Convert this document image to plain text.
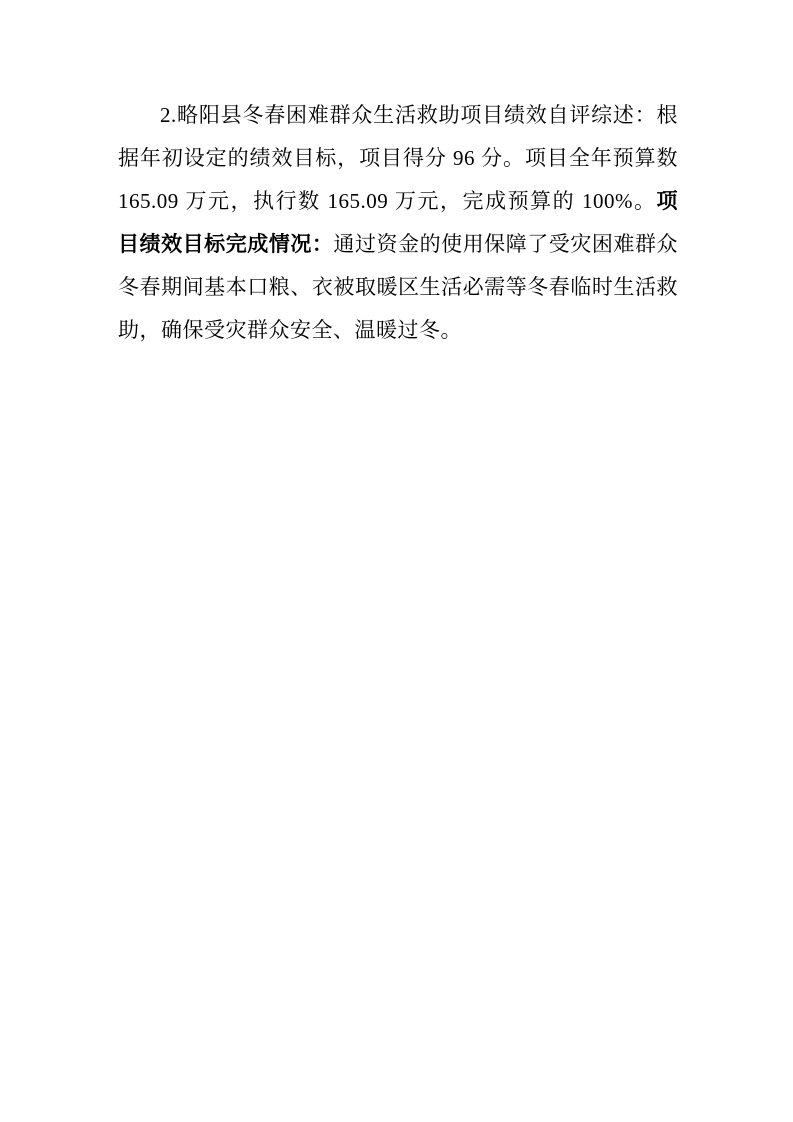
2.略阳县冬春困难群众生活救助项目绩效自评综述：根据年初设定的绩效目标，项目得分 96 分。项目全年预算数 165.09 万元，执行数 165.09 万元，完成预算的 100%。项目绩效目标完成情况：通过资金的使用保障了受灾困难群众冬春期间基本口粮、衣被取暖区生活必需等冬春临时生活救助，确保受灾群众安全、温暖过冬。
